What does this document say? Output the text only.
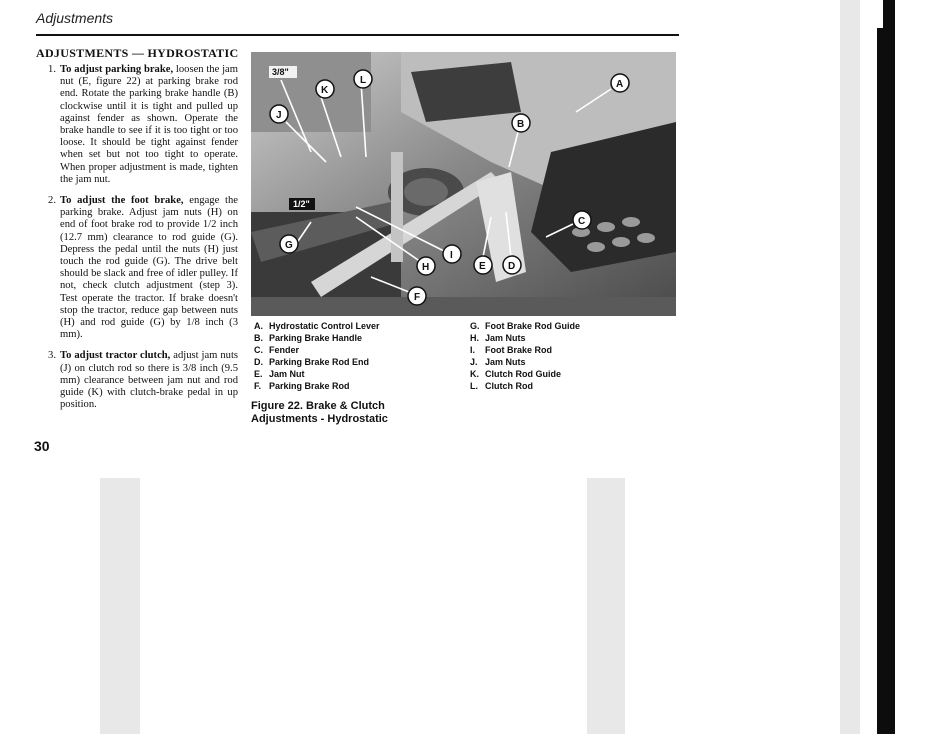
Adjustments
ADJUSTMENTS — HYDROSTATIC
1. To adjust parking brake, loosen the jam nut (E, figure 22) at parking brake rod end. Rotate the parking brake handle (B) clockwise until it is tight and pulled up against fender as shown. Operate the brake handle to see if it is too tight or too loose. It should be tight against fender when set but not too tight to operate. When proper adjustment is made, tighten the jam nut.
2. To adjust the foot brake, engage the parking brake. Adjust jam nuts (H) on end of foot brake rod to provide 1/2 inch (12.7 mm) clearance to rod guide (G). Depress the pedal until the nuts (H) just touch the rod guide (G). The drive belt should be slack and free of idler pulley. If not, check clutch adjustment (step 3). Test operate the tractor. If brake doesn't stop the tractor, reduce gap between nuts (H) and rod guide (G) by 1/8 inch (3 mm).
3. To adjust tractor clutch, adjust jam nuts (J) on clutch rod so there is 3/8 inch (9.5 mm) clearance between jam nut and rod guide (K) with clutch-brake pedal in up position.
3/8"
1/2"
A
B
C
D
E
F
G
H
I
J
K
L
A. Hydrostatic Control Lever
B. Parking Brake Handle
C. Fender
D. Parking Brake Rod End
E. Jam Nut
F. Parking Brake Rod
G. Foot Brake Rod Guide
H. Jam Nuts
I.	Foot Brake Rod
J. Jam Nuts
K. Clutch Rod Guide
L. Clutch Rod
Figure 22. Brake & Clutch
Adjustments - Hydrostatic
30
